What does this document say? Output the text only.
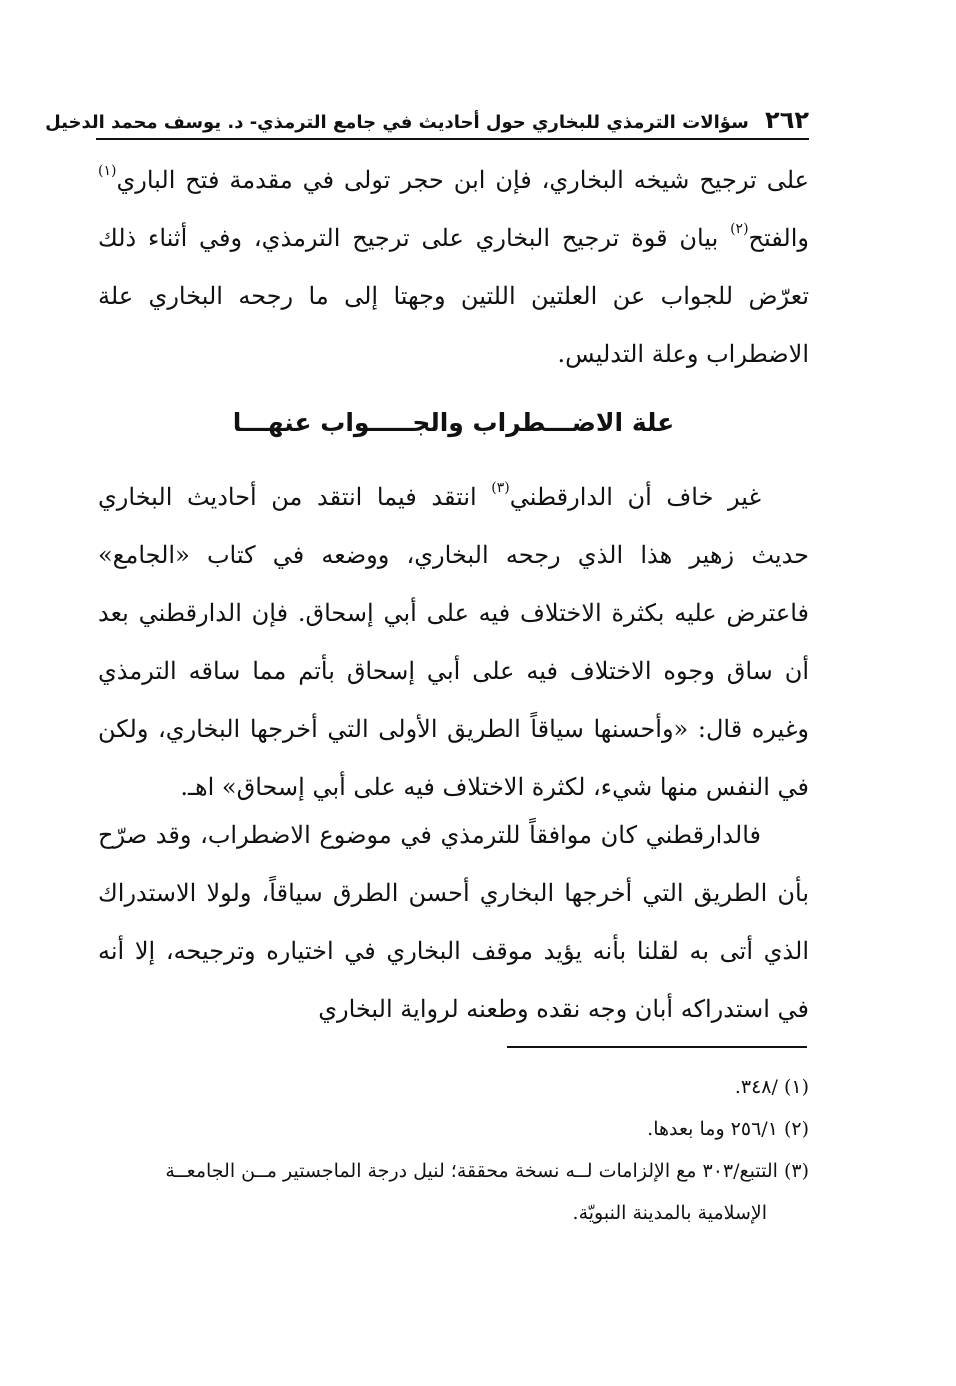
٢٦٢ سؤالات الترمذي للبخاري حول أحاديث في جامع الترمذي- د. يوسف محمد الدخيل

على ترجيح شيخه البخاري، فإن ابن حجر تولى في مقدمة فتح الباري$^{(١)}$ والفتح$^{(٢)}$ بيان قوة ترجيح البخاري على ترجيح الترمذي، وفي أثناء ذلك تعرّض للجواب عن العلتين اللتين وجهتا إلى ما رجحه البخاري علة الاضطراب وعلة التدليس.

علة الاضـــطراب والجـــــواب عنهـــا

غير خاف أن الدارقطني$^{(٣)}$ انتقد فيما انتقد من أحاديث البخاري حديث زهير هذا الذي رجحه البخاري، ووضعه في كتاب «الجامع» فاعترض عليه بكثرة الاختلاف فيه على أبي إسحاق. فإن الدارقطني بعد أن ساق وجوه الاختلاف فيه على أبي إسحاق بأتم مما ساقه الترمذي وغيره قال: «وأحسنها سياقاً الطريق الأولى التي أخرجها البخاري، ولكن في النفس منها شيء، لكثرة الاختلاف فيه على أبي إسحاق» اهـ.

فالدارقطني كان موافقاً للترمذي في موضوع الاضطراب، وقد صرّح بأن الطريق التي أخرجها البخاري أحسن الطرق سياقاً، ولولا الاستدراك الذي أتى به لقلنا بأنه يؤيد موقف البخاري في اختياره وترجيحه، إلا أنه في استدراكه أبان وجه نقده وطعنه لرواية البخاري

(١) /٣٤٨.

(٢) ٢٥٦/١ وما بعدها.

(٣) التتبع/٣٠٣ مع الإلزامات لــه نسخة محققة؛ لنيل درجة الماجستير مــن الجامعــة

الإسلامية بالمدينة النبويّة.
